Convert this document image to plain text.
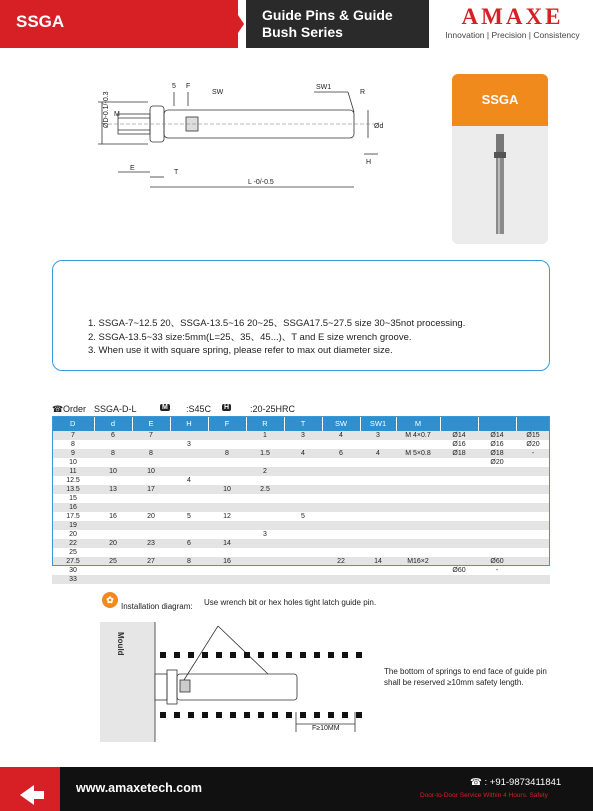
SSGA	Guide Pins & Guide Bush Series
AMAXE
Innovation | Precision | Consistency
5 F
SW
SW1
R
M
ØD-0.1/-0.3	Ød
H
E
T
L -0/-0.5
SSGA
1. SSGA-7~12.5 20、SSGA-13.5~16 20~25、SSGA17.5~27.5 size 30~35not processing.
2. SSGA-13.5~33 size:5mm(L=25、35、45...)、T and E size wrench groove.
3. When use it with square spring, please refer to max out diameter size.
☎ Order SSGA-D-L	M :S45C H :20-25HRC
D	d	E	H	F	R	T	SW	SW1	M			
7	6	7			1	3	4	3	M 4×0.7	Ø14	Ø14	Ø15
8			3							Ø16	Ø16	Ø20
9	8	8		8	1.5	4	6	4	M 5×0.8	Ø18	Ø18	-
10											Ø20	
11	10	10			2							
12.5			4									
13.5	13	17		10	2.5							
15												
16												
17.5	16	20	5	12		5						
19												
20					3							
22	20	23	6	14								
25												
27.5	25	27	8	16			22	14	M16×2		Ø60	
30										Ø60	-	
33												
✿
Installation diagram: Use wrench bit or hex holes tight latch guide pin.
The bottom of springs to end face of guide pin shall be reserved ≥10mm safety length.
Mould
F≥10MM
www.amaxetech.com	☎ : +91-9873411841
Door-to-Door Service Within 4 Hours. Safety
